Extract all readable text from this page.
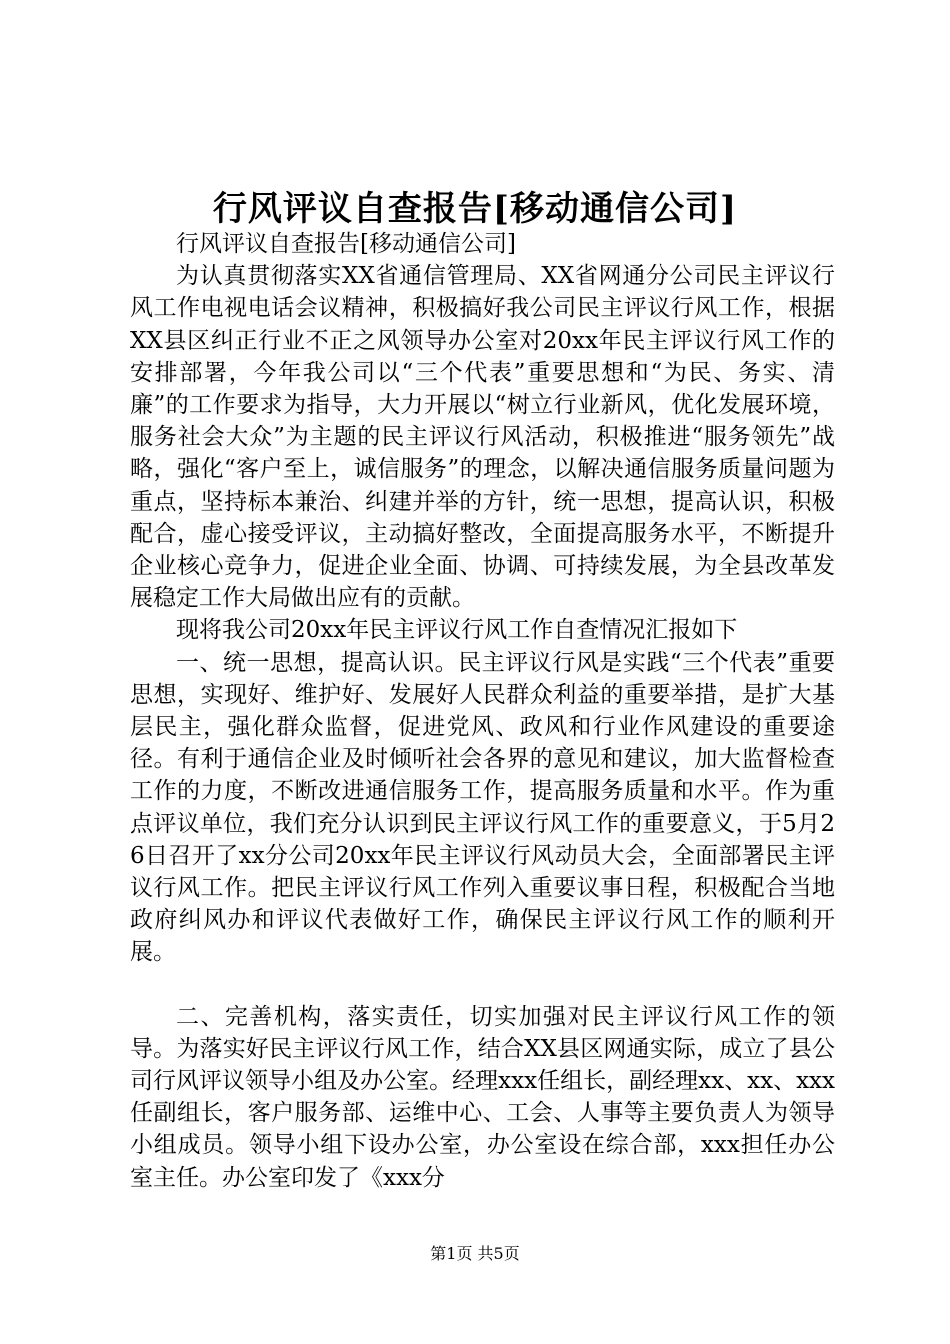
行风评议自查报告[移动通信公司]

行风评议自查报告[移动通信公司]

为认真贯彻落实XX省通信管理局、XX省网通分公司民主评议行风工作电视电话会议精神，积极搞好我公司民主评议行风工作，根据XX县区纠正行业不正之风领导办公室对20xx年民主评议行风工作的安排部署，今年我公司以“三个代表”重要思想和“为民、务实、清廉”的工作要求为指导，大力开展以“树立行业新风，优化发展环境，服务社会大众”为主题的民主评议行风活动，积极推进“服务领先”战略，强化“客户至上，诚信服务”的理念，以解决通信服务质量问题为重点，坚持标本兼治、纠建并举的方针，统一思想，提高认识，积极配合，虚心接受评议，主动搞好整改，全面提高服务水平，不断提升企业核心竞争力，促进企业全面、协调、可持续发展，为全县改革发展稳定工作大局做出应有的贡献。

现将我公司20xx年民主评议行风工作自查情况汇报如下

一、统一思想，提高认识。民主评议行风是实践“三个代表”重要思想，实现好、维护好、发展好人民群众利益的重要举措，是扩大基层民主，强化群众监督，促进党风、政风和行业作风建设的重要途径。有利于通信企业及时倾听社会各界的意见和建议，加大监督检查工作的力度，不断改进通信服务工作，提高服务质量和水平。作为重点评议单位，我们充分认识到民主评议行风工作的重要意义，于5月26日召开了xx分公司20xx年民主评议行风动员大会，全面部署民主评议行风工作。把民主评议行风工作列入重要议事日程，积极配合当地政府纠风办和评议代表做好工作，确保民主评议行风工作的顺利开展。

二、完善机构，落实责任，切实加强对民主评议行风工作的领导。为落实好民主评议行风工作，结合XX县区网通实际，成立了县公司行风评议领导小组及办公室。经理xxx任组长，副经理xx、xx、xxx任副组长，客户服务部、运维中心、工会、人事等主要负责人为领导小组成员。领导小组下设办公室，办公室设在综合部，xxx担任办公室主任。办公室印发了《xxx分

第1页 共5页
